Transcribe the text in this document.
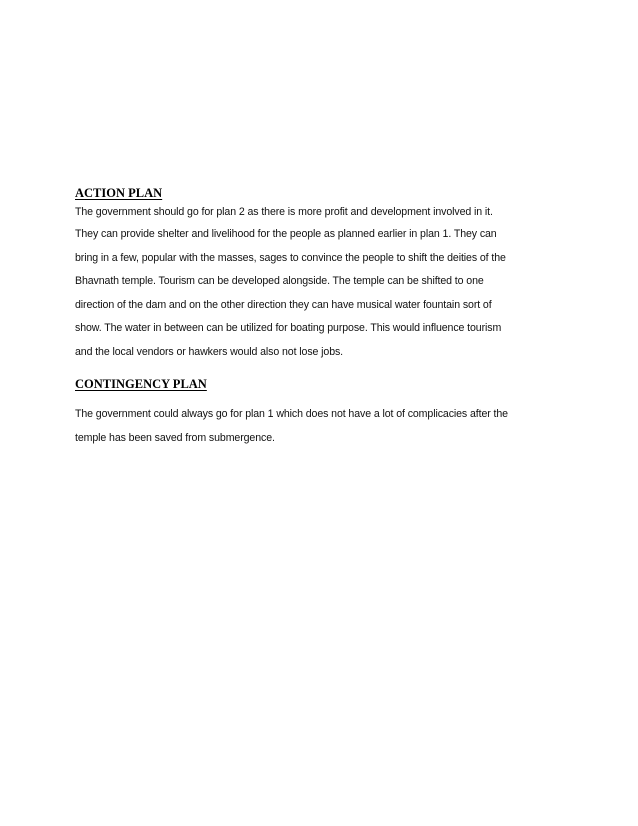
ACTION PLAN

The government should go for plan 2 as there is more profit and development involved in it.

They can provide shelter and livelihood for the people as planned earlier in plan 1. They can

bring in a few, popular with the masses, sages to convince the people to shift the deities of the

Bhavnath temple. Tourism can be developed alongside. The temple can be shifted to one

direction of the dam and on the other direction they can have musical water fountain sort of

show. The water in between can be utilized for boating purpose. This would influence tourism

and the local vendors or hawkers would also not lose jobs.

CONTINGENCY PLAN

The government could always go for plan 1 which does not have a lot of complicacies after the

temple has been saved from submergence.
